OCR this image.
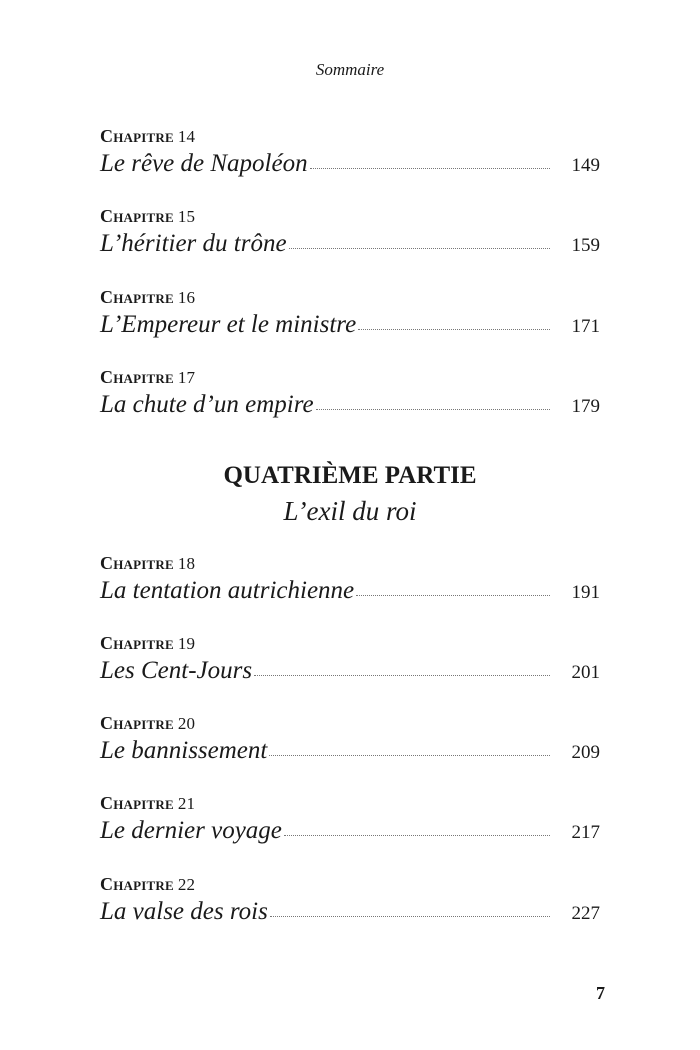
Sommaire
Chapitre 14
Le rêve de Napoléon	149
Chapitre 15
L’héritier du trône	159
Chapitre 16
L’Empereur et le ministre	171
Chapitre 17
La chute d’un empire	179
QUATRIÈME PARTIE
L’exil du roi
Chapitre 18
La tentation autrichienne	191
Chapitre 19
Les Cent-Jours	201
Chapitre 20
Le bannissement	209
Chapitre 21
Le dernier voyage	217
Chapitre 22
La valse des rois	227
7
